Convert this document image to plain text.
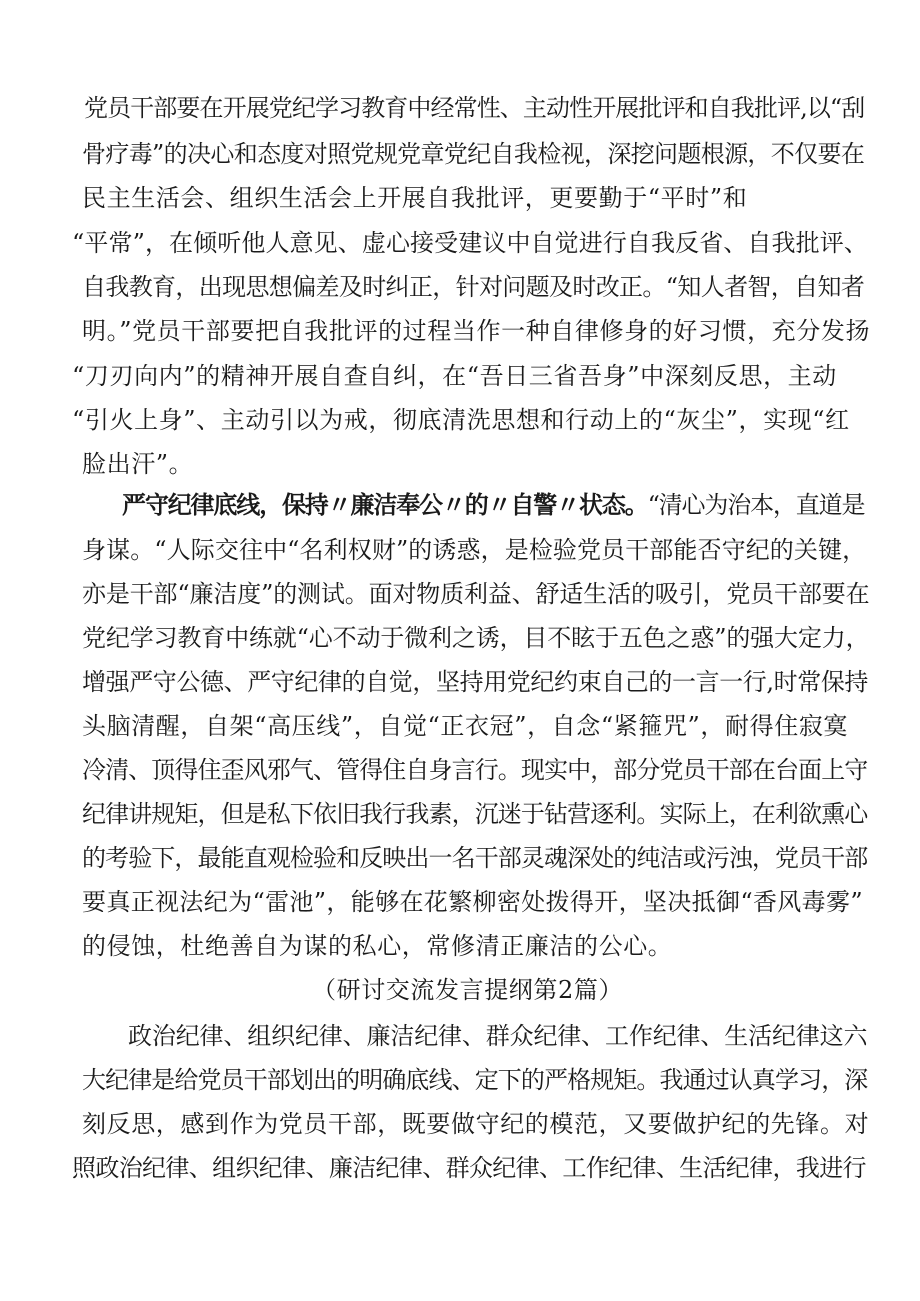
党员干部要在开展党纪学习教育中经常性、主动性开展批评和自我批评,以“刮
骨疗毒”的决心和态度对照党规党章党纪自我检视，深挖问题根源，不仅要在
民主生活会、组织生活会上开展自我批评，更要勤于“平时”和
“平常”，在倾听他人意见、虚心接受建议中自觉进行自我反省、自我批评、
自我教育，出现思想偏差及时纠正，针对问题及时改正。“知人者智，自知者
明。”党员干部要把自我批评的过程当作一种自律修身的好习惯，充分发扬
“刀刃向内”的精神开展自查自纠，在“吾日三省吾身”中深刻反思，主动
“引火上身”、主动引以为戒，彻底清洗思想和行动上的“灰尘”，实现“红
脸出汗”。
严守纪律底线，保持〃廉洁奉公〃的〃自警〃状态。“清心为治本，直道是
身谋。“人际交往中“名利权财”的诱惑，是检验党员干部能否守纪的关键，
亦是干部“廉洁度”的测试。面对物质利益、舒适生活的吸引，党员干部要在
党纪学习教育中练就“心不动于微利之诱，目不眩于五色之惑”的强大定力，
增强严守公德、严守纪律的自觉，坚持用党纪约束自己的一言一行,时常保持
头脑清醒，自架“高压线”，自觉“正衣冠”，自念“紧箍咒”，耐得住寂寞
冷清、顶得住歪风邪气、管得住自身言行。现实中，部分党员干部在台面上守
纪律讲规矩，但是私下依旧我行我素，沉迷于钻营逐利。实际上，在利欲熏心
的考验下，最能直观检验和反映出一名干部灵魂深处的纯洁或污浊，党员干部
要真正视法纪为“雷池”，能够在花繁柳密处拨得开，坚决抵御“香风毒雾”
的侵蚀，杜绝善自为谋的私心，常修清正廉洁的公心。
（研讨交流发言提纲第2篇）
政治纪律、组织纪律、廉洁纪律、群众纪律、工作纪律、生活纪律这六
大纪律是给党员干部划出的明确底线、定下的严格规矩。我通过认真学习，深
刻反思，感到作为党员干部，既要做守纪的模范，又要做护纪的先锋。对
照政治纪律、组织纪律、廉洁纪律、群众纪律、工作纪律、生活纪律，我进行
